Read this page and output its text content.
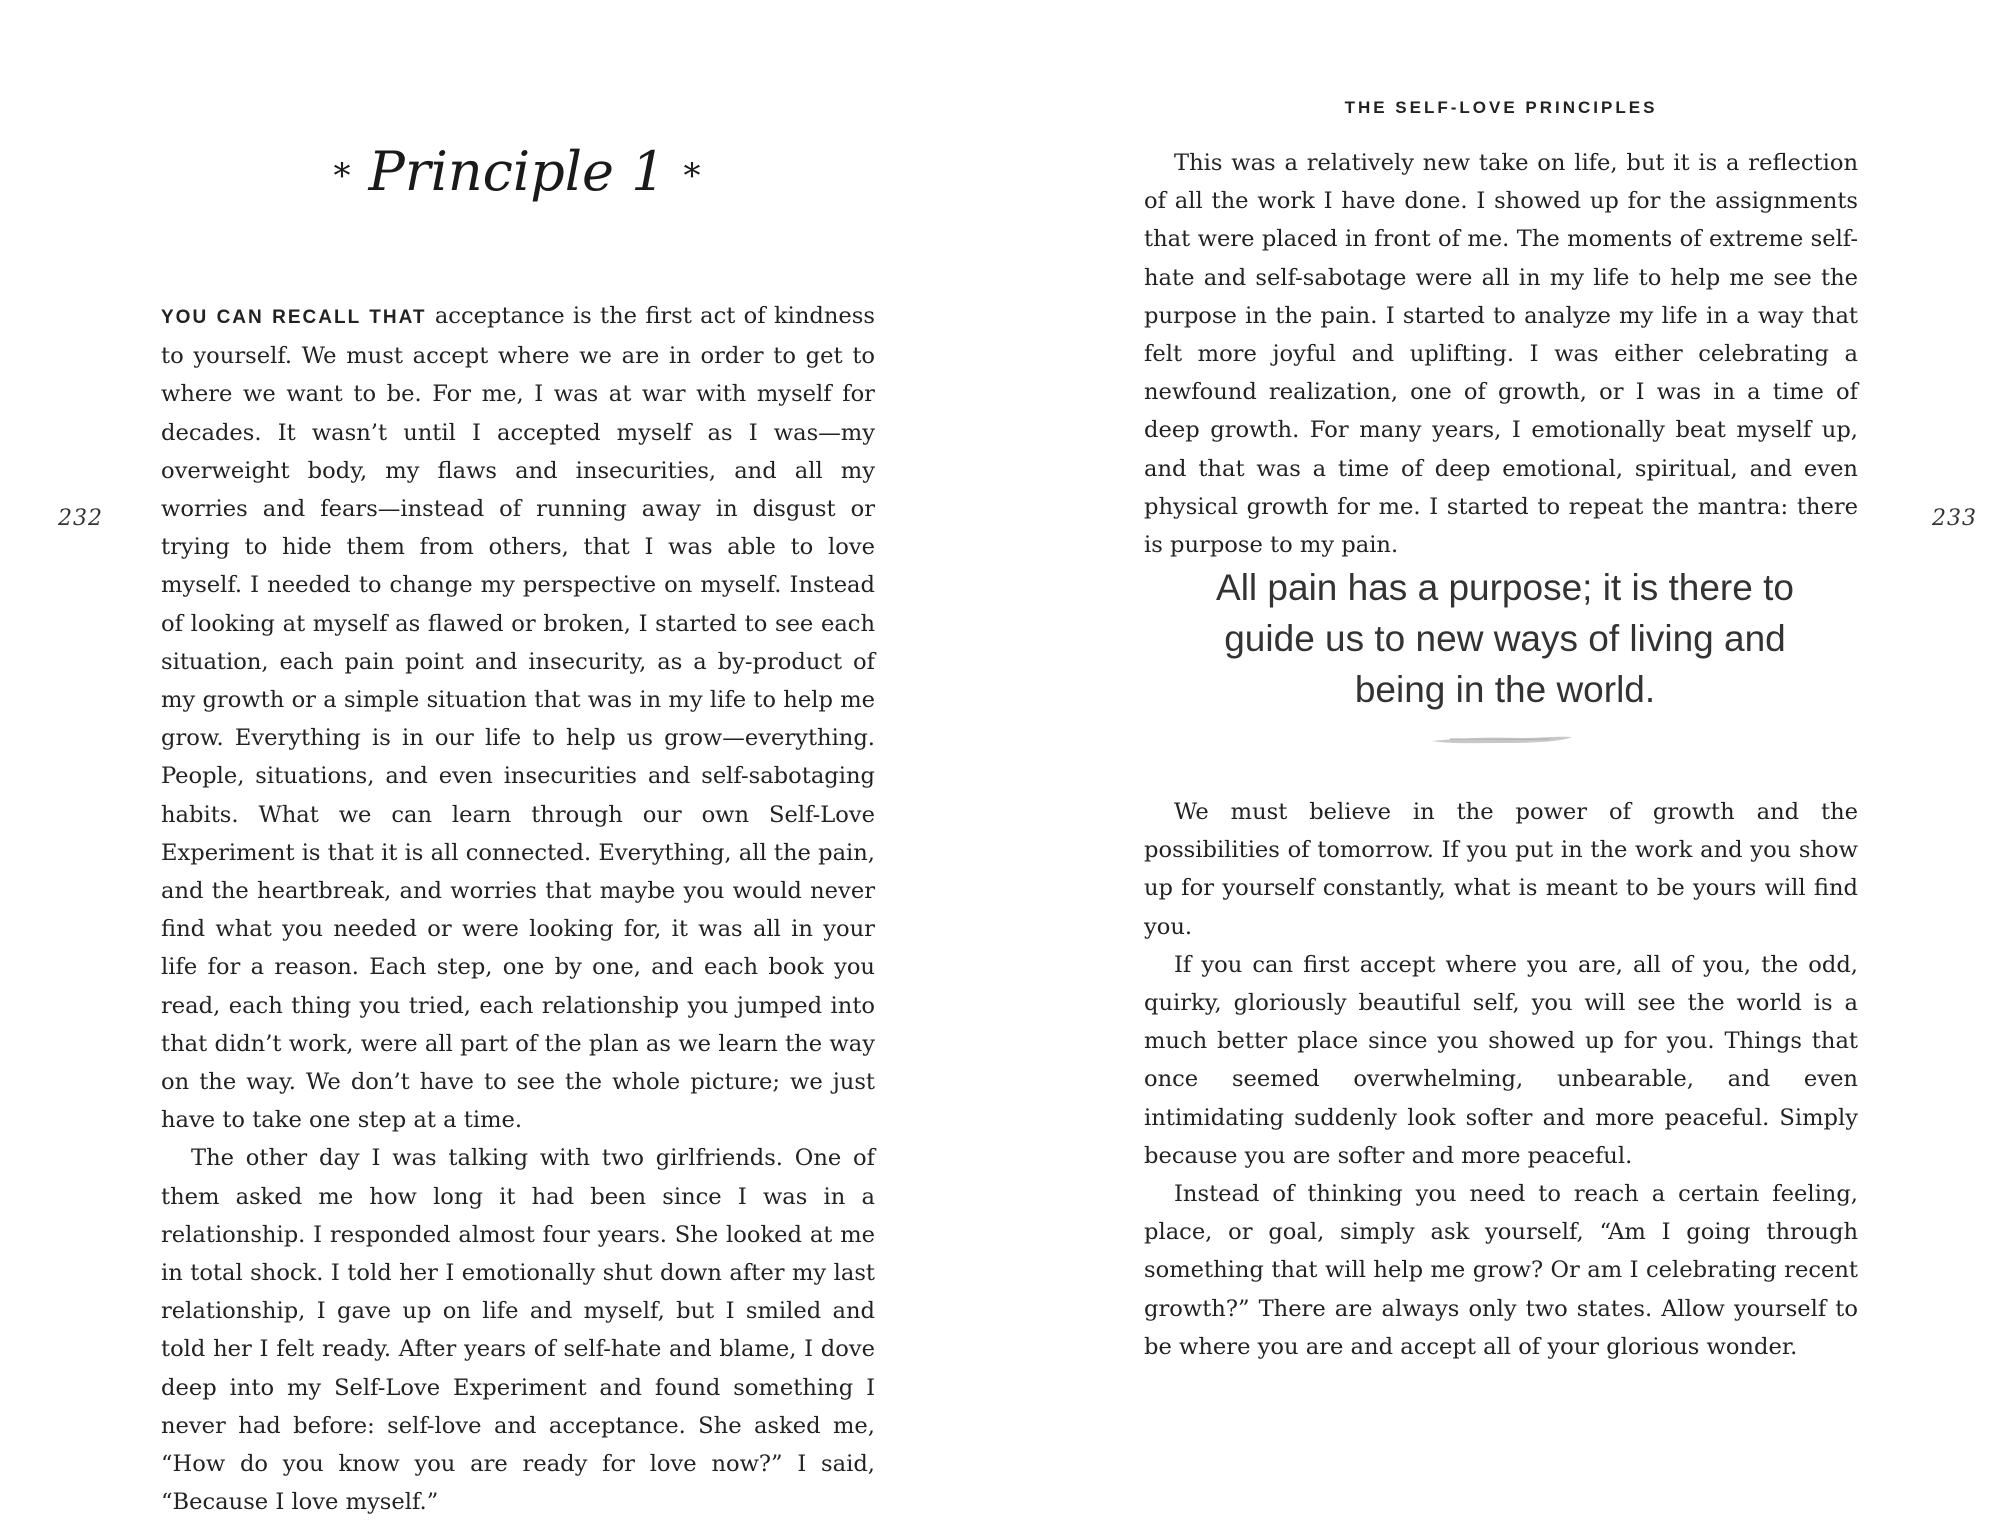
232
* Principle 1 *

YOU CAN RECALL THAT acceptance is the first act of kindness to yourself. We must accept where we are in order to get to where we want to be. For me, I was at war with myself for decades. It wasn’t until I accepted myself as I was—my overweight body, my flaws and insecurities, and all my worries and fears—instead of running away in disgust or trying to hide them from others, that I was able to love myself. I needed to change my perspective on myself. Instead of looking at myself as flawed or broken, I started to see each situation, each pain point and insecurity, as a by-product of my growth or a simple situation that was in my life to help me grow. Everything is in our life to help us grow—everything. People, situations, and even insecurities and self-sabotaging habits. What we can learn through our own Self-Love Experiment is that it is all connected. Everything, all the pain, and the heartbreak, and worries that maybe you would never find what you needed or were looking for, it was all in your life for a reason. Each step, one by one, and each book you read, each thing you tried, each relationship you jumped into that didn’t work, were all part of the plan as we learn the way on the way. We don’t have to see the whole picture; we just have to take one step at a time.

The other day I was talking with two girlfriends. One of them asked me how long it had been since I was in a relationship. I responded almost four years. She looked at me in total shock. I told her I emotionally shut down after my last relationship, I gave up on life and myself, but I smiled and told her I felt ready. After years of self-hate and blame, I dove deep into my Self-Love Experiment and found something I never had before: self-love and acceptance. She asked me, “How do you know you are ready for love now?” I said, “Because I love myself.”

THE SELF-LOVE PRINCIPLES

This was a relatively new take on life, but it is a reflection of all the work I have done. I showed up for the assignments that were placed in front of me. The moments of extreme self-hate and self-sabotage were all in my life to help me see the purpose in the pain. I started to analyze my life in a way that felt more joyful and uplifting. I was either celebrating a newfound realization, one of growth, or I was in a time of deep growth. For many years, I emotionally beat myself up, and that was a time of deep emotional, spiritual, and even physical growth for me. I started to repeat the mantra: there is purpose to my pain.

All pain has a purpose; it is there to guide us to new ways of living and being in the world.

We must believe in the power of growth and the possibilities of tomorrow. If you put in the work and you show up for yourself constantly, what is meant to be yours will find you.

If you can first accept where you are, all of you, the odd, quirky, gloriously beautiful self, you will see the world is a much better place since you showed up for you. Things that once seemed overwhelming, unbearable, and even intimidating suddenly look softer and more peaceful. Simply because you are softer and more peaceful.

Instead of thinking you need to reach a certain feeling, place, or goal, simply ask yourself, “Am I going through something that will help me grow? Or am I celebrating recent growth?” There are always only two states. Allow yourself to be where you are and accept all of your glorious wonder.

233
